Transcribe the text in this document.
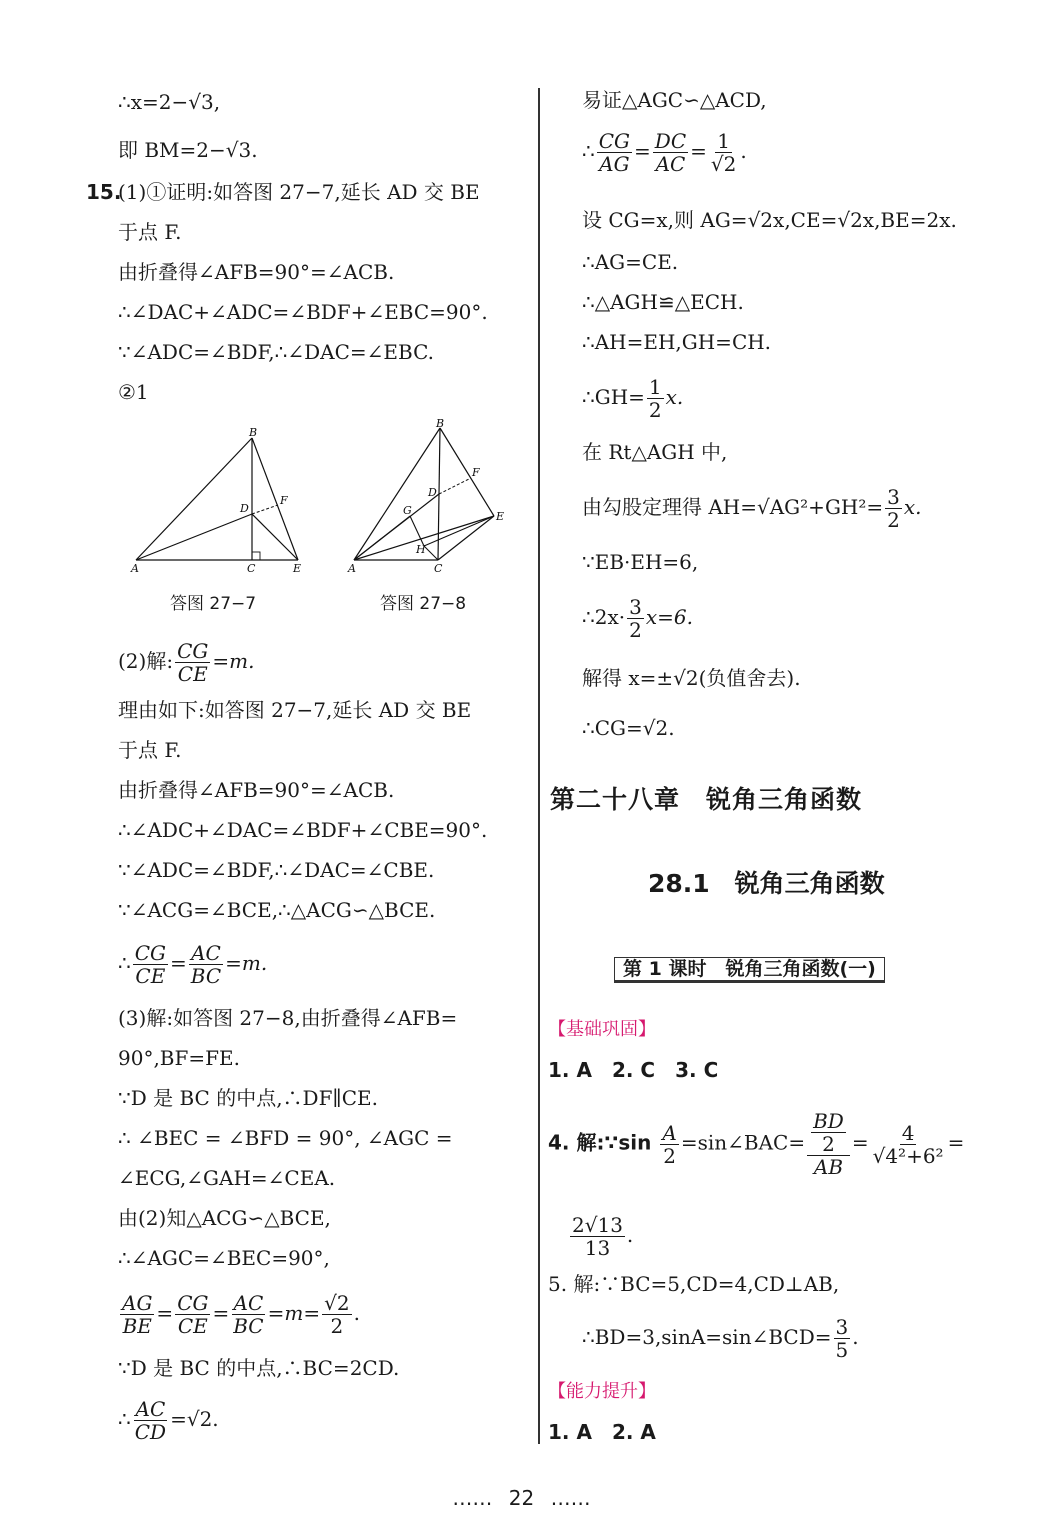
∴x=2−√3,
即 BM=2−√3.
15.
(1)①证明:如答图 27−7,延长 AD 交 BE
于点 F.
由折叠得∠AFB=90°=∠ACB.
∴∠DAC+∠ADC=∠BDF+∠EBC=90°.
∵∠ADC=∠BDF,∴∠DAC=∠EBC.
②1
B
A	C	E
D
F
答图 27−7
B
A	C
E
D
F
G
H
答图 27−8
(2)解: $\frac{CG}{CE} =m$.
理由如下:如答图 27−7,延长 AD 交 BE
于点 F.
由折叠得∠AFB=90°=∠ACB.
∴∠ADC+∠DAC=∠BDF+∠CBE=90°.
∵∠ADC=∠BDF,∴∠DAC=∠CBE.
∵∠ACG=∠BCE,∴△ACG∽△BCE.
∴ $\frac{CG}{CE} = \frac{AC}{BC} =m$.
(3)解:如答图 27−8,由折叠得∠AFB=
90°,BF=FE.
∵D 是 BC 的中点,∴DF∥CE.
∴ ∠BEC = ∠BFD = 90°, ∠AGC =
∠ECG,∠GAH=∠CEA.
由(2)知△ACG∽△BCE,
∴∠AGC=∠BEC=90°,
$\frac{AG}{BE} = \frac{CG}{CE} = \frac{AC}{BC} =m= \frac{√2}{2}$ .
∵D 是 BC 的中点,∴BC=2CD.
∴ $\frac{AC}{CD} =√2$.
易证△AGC∽△ACD,
∴ $\frac{CG}{AG} = \frac{DC}{AC} = \frac{1}{√2}$ .
设 CG=x,则 AG=√2x,CE=√2x,BE=2x.
∴AG=CE.
∴△AGH≌△ECH.
∴AH=EH,GH=CH.
∴GH= $\frac{1}{2} x$.
在 Rt△AGH 中,
由勾股定理得 $AH=√AG^2+GH^2= \frac{3}{2} x$.
∵EB·EH=6,
∴2x· $\frac{3}{2} x=6$.
解得 x=±√2(负值舍去).
∴CG=√2.
第二十八章　锐角三角函数
28.1　锐角三角函数
第 1 课时　锐角三角函数(一)
【基础巩固】
1. A　2. C　3. C
4. 解:∵sin $\frac{A}{2}$ =sin∠BAC= $\frac{\frac{BD}{2}}{AB} = \frac{4}{\text{√4²+6²}}$ =
$\frac{2√13}{13}$ .
5. 解:∵BC=5,CD=4,CD⊥AB,
∴BD=3,sinA=sin∠BCD= $\frac{3}{5}$ .
【能力提升】
1. A　2. A
…… 22 ……
